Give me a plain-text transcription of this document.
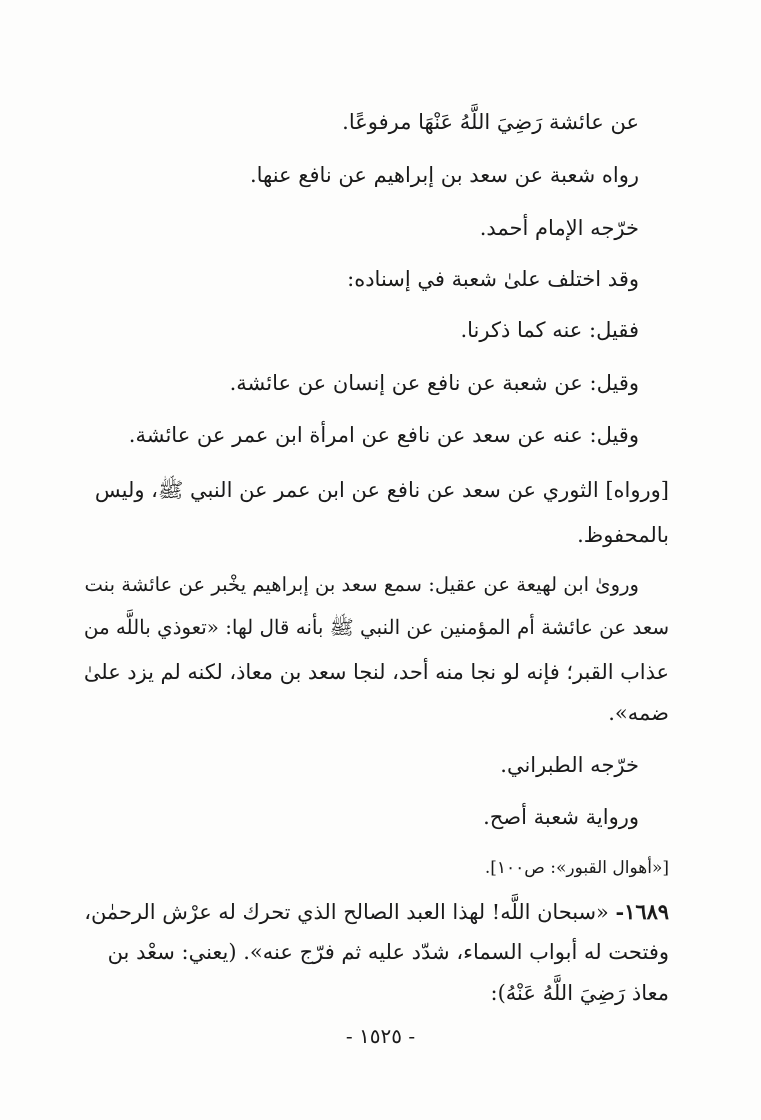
عن عائشة رَضِيَ اللَّهُ عَنْهَا مرفوعًا.
رواه شعبة عن سعد بن إبراهيم عن نافع عنها.
خرّجه الإمام أحمد.
وقد اختلف علىٰ شعبة في إسناده:
فقيل: عنه كما ذكرنا.
وقيل: عن شعبة عن نافع عن إنسان عن عائشة.
وقيل: عنه عن سعد عن نافع عن امرأة ابن عمر عن عائشة.
[ورواه] الثوري عن سعد عن نافع عن ابن عمر عن النبي ﷺ، وليس
بالمحفوظ.
وروىٰ ابن لهيعة عن عقيل: سمع سعد بن إبراهيم يخْبر عن عائشة بنت
سعد عن عائشة أم المؤمنين عن النبي ﷺ بأنه قال لها: «تعوذي باللَّه من
عذاب القبر؛ فإنه لو نجا منه أحد، لنجا سعد بن معاذ، لكنه لم يزد علىٰ
ضمه».
خرّجه الطبراني.
ورواية شعبة أصح.
[«أهوال القبور»: ص١٠٠].
١٦٨٩- «سبحان اللَّه! لهذا العبد الصالح الذي تحرك له عرْش الرحمٰن،
وفتحت له أبواب السماء، شدّد عليه ثم فرّج عنه». (يعني: سعْد بن
معاذ رَضِيَ اللَّهُ عَنْهُ):
- ١٥٢٥ -
